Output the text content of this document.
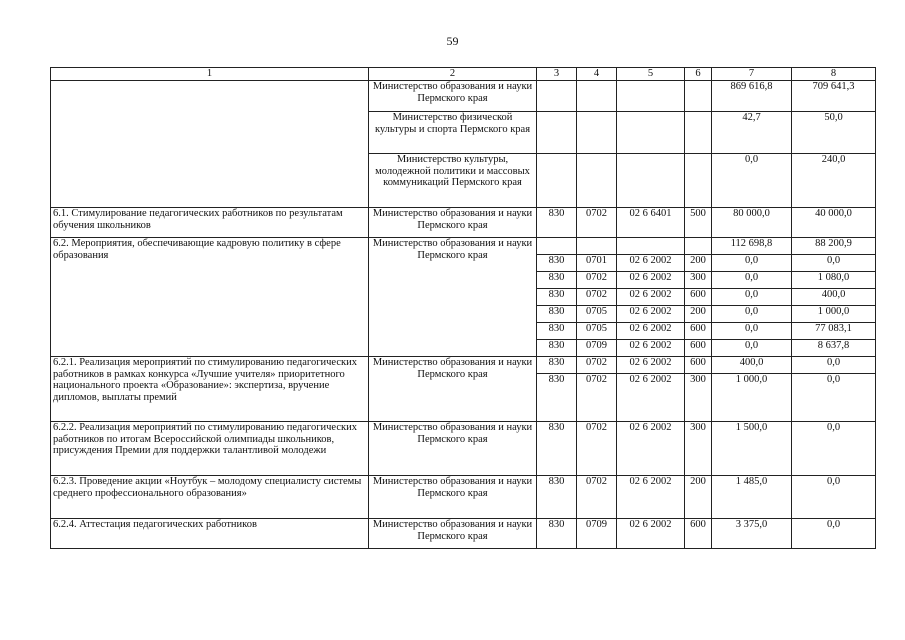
59
1	2	3	4	5	6	7	8
	Министерство образования и науки Пермского края					869 616,8	709 641,3
	Министерство физической культуры и спорта Пермского края					42,7	50,0
	Министерство культуры, молодежной политики и массовых коммуникаций Пермского края					0,0	240,0
6.1. Стимулирование педагогических работников по результатам обучения школьников	Министерство образования и науки Пермского края	830	0702	02 6 6401	500	80 000,0	40 000,0
6.2. Мероприятия, обеспечивающие кадровую политику в сфере образования	Министерство образования и науки Пермского края					112 698,8	88 200,9
		830	0701	02 6 2002	200	0,0	0,0
		830	0702	02 6 2002	300	0,0	1 080,0
		830	0702	02 6 2002	600	0,0	400,0
		830	0705	02 6 2002	200	0,0	1 000,0
		830	0705	02 6 2002	600	0,0	77 083,1
		830	0709	02 6 2002	600	0,0	8 637,8
6.2.1. Реализация мероприятий по стимулированию педагогических работников в рамках конкурса «Лучшие учителя» приоритетного национального проекта «Образование»: экспертиза, вручение дипломов, выплаты премий	Министерство образования и науки Пермского края	830	0702	02 6 2002	600	400,0	0,0
		830	0702	02 6 2002	300	1 000,0	0,0
6.2.2. Реализация мероприятий по стимулированию педагогических работников по итогам Всероссийской олимпиады школьников, присуждения Премии для поддержки талантливой молодежи	Министерство образования и науки Пермского края	830	0702	02 6 2002	300	1 500,0	0,0
6.2.3. Проведение акции «Ноутбук – молодому специалисту системы среднего профессионального образования»	Министерство образования и науки Пермского края	830	0702	02 6 2002	200	1 485,0	0,0
6.2.4. Аттестация педагогических работников	Министерство образования и науки Пермского края	830	0709	02 6 2002	600	3 375,0	0,0
